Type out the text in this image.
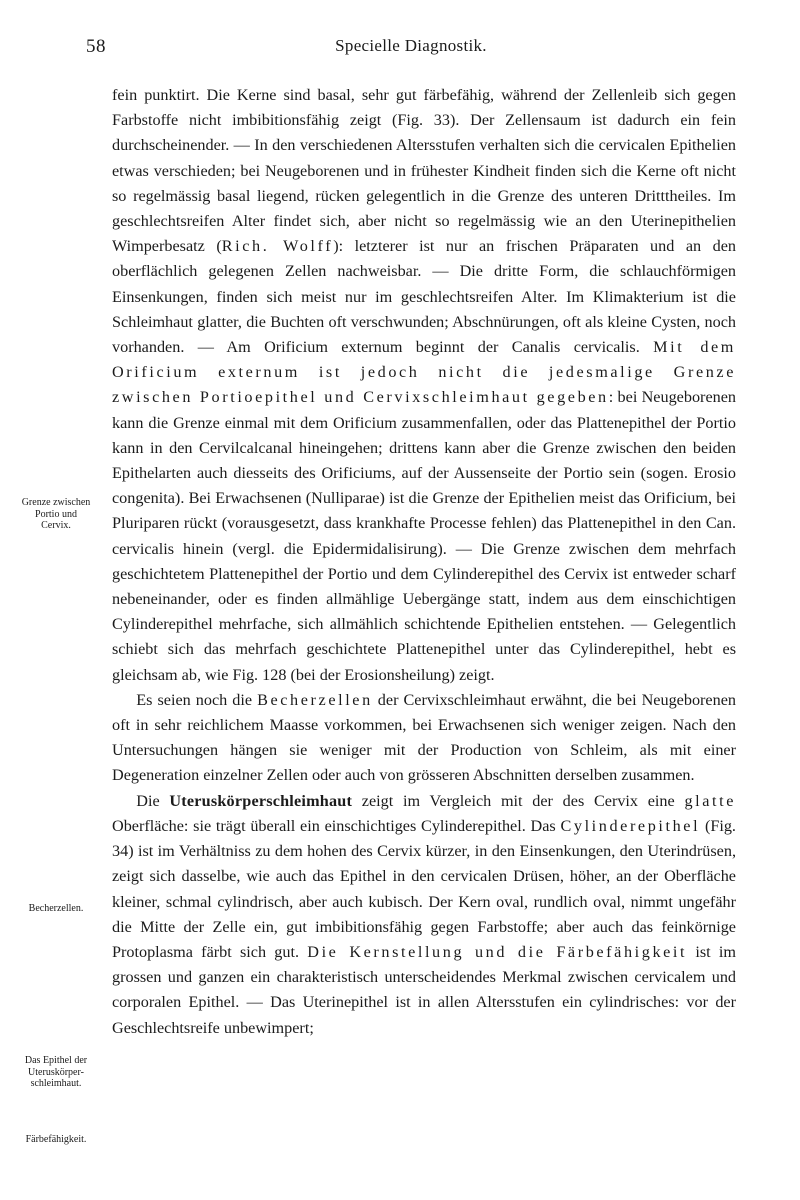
58	Specielle Diagnostik.
Grenze zwischen
Portio und
Cervix.
Becherzellen.
Das Epithel der
Uteruskörper-
schleimhaut.
Färbefähigkeit.

fein punktirt. Die Kerne sind basal, sehr gut färbefähig, während der Zellenleib sich gegen Farbstoffe nicht imbibitionsfähig zeigt (Fig. 33). Der Zellensaum ist dadurch ein fein durchscheinender. — In den verschiedenen Altersstufen verhalten sich die cervicalen Epithelien etwas verschieden; bei Neugeborenen und in frühester Kindheit finden sich die Kerne oft nicht so regelmässig basal liegend, rücken gelegentlich in die Grenze des unteren Dritttheiles. Im geschlechtsreifen Alter findet sich, aber nicht so regelmässig wie an den Uterinepithelien Wimperbesatz (Rich. Wolff): letzterer ist nur an frischen Präparaten und an den oberflächlich gelegenen Zellen nachweisbar. — Die dritte Form, die schlauchförmigen Einsenkungen, finden sich meist nur im geschlechtsreifen Alter. Im Klimakterium ist die Schleimhaut glatter, die Buchten oft verschwunden; Abschnürungen, oft als kleine Cysten, noch vorhanden. — Am Orificium externum beginnt der Canalis cervicalis. Mit dem Orificium externum ist jedoch nicht die jedesmalige Grenze zwischen Portioepithel und Cervixschleimhaut gegeben: bei Neugeborenen kann die Grenze einmal mit dem Orificium zusammenfallen, oder das Plattenepithel der Portio kann in den Cervilcalcanal hineingehen; drittens kann aber die Grenze zwischen den beiden Epithelarten auch diesseits des Orificiums, auf der Aussenseite der Portio sein (sogen. Erosio congenita). Bei Erwachsenen (Nulliparae) ist die Grenze der Epithelien meist das Orificium, bei Pluriparen rückt (vorausgesetzt, dass krankhafte Processe fehlen) das Plattenepithel in den Can. cervicalis hinein (vergl. die Epidermidalisirung). — Die Grenze zwischen dem mehrfach geschichtetem Plattenepithel der Portio und dem Cylinderepithel des Cervix ist entweder scharf nebeneinander, oder es finden allmählige Uebergänge statt, indem aus dem einschichtigen Cylinderepithel mehrfache, sich allmählich schichtende Epithelien entstehen. — Gelegentlich schiebt sich das mehrfach geschichtete Plattenepithel unter das Cylinderepithel, hebt es gleichsam ab, wie Fig. 128 (bei der Erosionsheilung) zeigt.

Es seien noch die Becherzellen der Cervixschleimhaut erwähnt, die bei Neugeborenen oft in sehr reichlichem Maasse vorkommen, bei Erwachsenen sich weniger zeigen. Nach den Untersuchungen hängen sie weniger mit der Production von Schleim, als mit einer Degeneration einzelner Zellen oder auch von grösseren Abschnitten derselben zusammen.

Die Uteruskörperschleimhaut zeigt im Vergleich mit der des Cervix eine glatte Oberfläche: sie trägt überall ein einschichtiges Cylinderepithel. Das Cylinderepithel (Fig. 34) ist im Verhältniss zu dem hohen des Cervix kürzer, in den Einsenkungen, den Uterindrüsen, zeigt sich dasselbe, wie auch das Epithel in den cervicalen Drüsen, höher, an der Oberfläche kleiner, schmal cylindrisch, aber auch kubisch. Der Kern oval, rundlich oval, nimmt ungefähr die Mitte der Zelle ein, gut imbibitionsfähig gegen Farbstoffe; aber auch das feinkörnige Protoplasma färbt sich gut. Die Kernstellung und die Färbefähigkeit ist im grossen und ganzen ein charakteristisch unterscheidendes Merkmal zwischen cervicalem und corporalen Epithel. — Das Uterinepithel ist in allen Altersstufen ein cylindrisches: vor der Geschlechtsreife unbewimpert;
